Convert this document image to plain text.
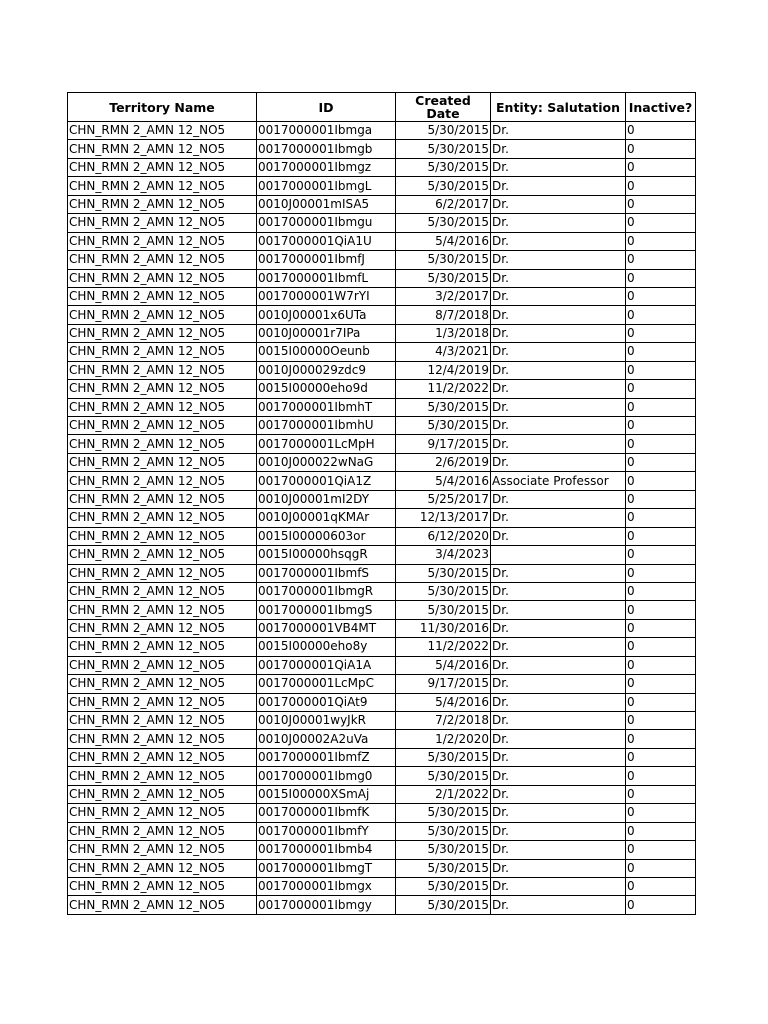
Territory Name	ID	Created Date	Entity: Salutation	Inactive?
CHN_RMN 2_AMN 12_NO5	0017000001Ibmga	5/30/2015	Dr.	0
CHN_RMN 2_AMN 12_NO5	0017000001Ibmgb	5/30/2015	Dr.	0
CHN_RMN 2_AMN 12_NO5	0017000001Ibmgz	5/30/2015	Dr.	0
CHN_RMN 2_AMN 12_NO5	0017000001IbmgL	5/30/2015	Dr.	0
CHN_RMN 2_AMN 12_NO5	0010J00001mISA5	6/2/2017	Dr.	0
CHN_RMN 2_AMN 12_NO5	0017000001Ibmgu	5/30/2015	Dr.	0
CHN_RMN 2_AMN 12_NO5	0017000001QiA1U	5/4/2016	Dr.	0
CHN_RMN 2_AMN 12_NO5	0017000001IbmfJ	5/30/2015	Dr.	0
CHN_RMN 2_AMN 12_NO5	0017000001IbmfL	5/30/2015	Dr.	0
CHN_RMN 2_AMN 12_NO5	0017000001W7rYI	3/2/2017	Dr.	0
CHN_RMN 2_AMN 12_NO5	0010J00001x6UTa	8/7/2018	Dr.	0
CHN_RMN 2_AMN 12_NO5	0010J00001r7IPa	1/3/2018	Dr.	0
CHN_RMN 2_AMN 12_NO5	0015I00000Oeunb	4/3/2021	Dr.	0
CHN_RMN 2_AMN 12_NO5	0010J000029zdc9	12/4/2019	Dr.	0
CHN_RMN 2_AMN 12_NO5	0015I00000eho9d	11/2/2022	Dr.	0
CHN_RMN 2_AMN 12_NO5	0017000001IbmhT	5/30/2015	Dr.	0
CHN_RMN 2_AMN 12_NO5	0017000001IbmhU	5/30/2015	Dr.	0
CHN_RMN 2_AMN 12_NO5	0017000001LcMpH	9/17/2015	Dr.	0
CHN_RMN 2_AMN 12_NO5	0010J000022wNaG	2/6/2019	Dr.	0
CHN_RMN 2_AMN 12_NO5	0017000001QiA1Z	5/4/2016	Associate Professor	0
CHN_RMN 2_AMN 12_NO5	0010J00001mI2DY	5/25/2017	Dr.	0
CHN_RMN 2_AMN 12_NO5	0010J00001qKMAr	12/13/2017	Dr.	0
CHN_RMN 2_AMN 12_NO5	0015I00000603or	6/12/2020	Dr.	0
CHN_RMN 2_AMN 12_NO5	0015I00000hsqgR	3/4/2023		0
CHN_RMN 2_AMN 12_NO5	0017000001IbmfS	5/30/2015	Dr.	0
CHN_RMN 2_AMN 12_NO5	0017000001IbmgR	5/30/2015	Dr.	0
CHN_RMN 2_AMN 12_NO5	0017000001IbmgS	5/30/2015	Dr.	0
CHN_RMN 2_AMN 12_NO5	0017000001VB4MT	11/30/2016	Dr.	0
CHN_RMN 2_AMN 12_NO5	0015I00000eho8y	11/2/2022	Dr.	0
CHN_RMN 2_AMN 12_NO5	0017000001QiA1A	5/4/2016	Dr.	0
CHN_RMN 2_AMN 12_NO5	0017000001LcMpC	9/17/2015	Dr.	0
CHN_RMN 2_AMN 12_NO5	0017000001QiAt9	5/4/2016	Dr.	0
CHN_RMN 2_AMN 12_NO5	0010J00001wyJkR	7/2/2018	Dr.	0
CHN_RMN 2_AMN 12_NO5	0010J00002A2uVa	1/2/2020	Dr.	0
CHN_RMN 2_AMN 12_NO5	0017000001IbmfZ	5/30/2015	Dr.	0
CHN_RMN 2_AMN 12_NO5	0017000001Ibmg0	5/30/2015	Dr.	0
CHN_RMN 2_AMN 12_NO5	0015I00000XSmAj	2/1/2022	Dr.	0
CHN_RMN 2_AMN 12_NO5	0017000001IbmfK	5/30/2015	Dr.	0
CHN_RMN 2_AMN 12_NO5	0017000001IbmfY	5/30/2015	Dr.	0
CHN_RMN 2_AMN 12_NO5	0017000001Ibmb4	5/30/2015	Dr.	0
CHN_RMN 2_AMN 12_NO5	0017000001IbmgT	5/30/2015	Dr.	0
CHN_RMN 2_AMN 12_NO5	0017000001Ibmgx	5/30/2015	Dr.	0
CHN_RMN 2_AMN 12_NO5	0017000001Ibmgy	5/30/2015	Dr.	0
